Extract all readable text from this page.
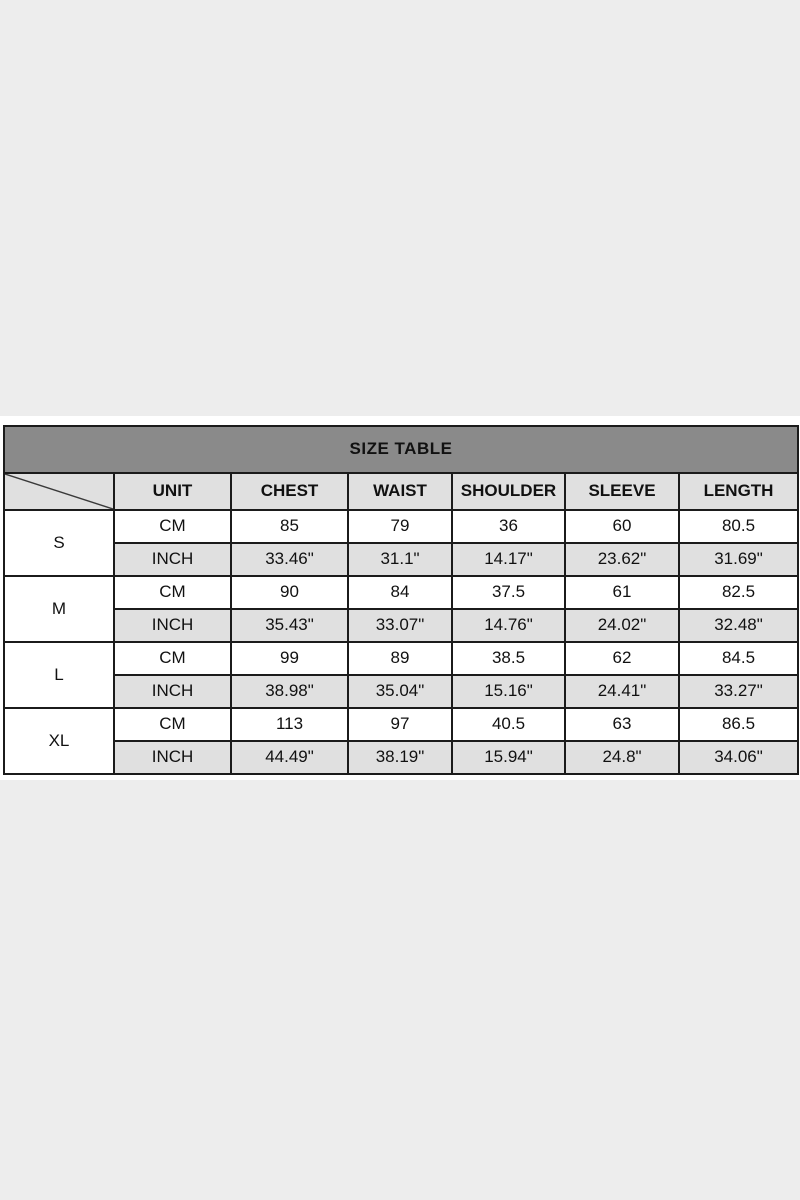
SIZE TABLE						

	UNIT	CHEST	WAIST	SHOULDER	SLEEVE	LENGTH
S	CM	85	79	36	60	80.5
	INCH	33.46"	31.1"	14.17"	23.62"	31.69"
M	CM	90	84	37.5	61	82.5
	INCH	35.43"	33.07"	14.76"	24.02"	32.48"
L	CM	99	89	38.5	62	84.5
	INCH	38.98"	35.04"	15.16"	24.41"	33.27"
XL	CM	113	97	40.5	63	86.5
	INCH	44.49"	38.19"	15.94"	24.8"	34.06"
